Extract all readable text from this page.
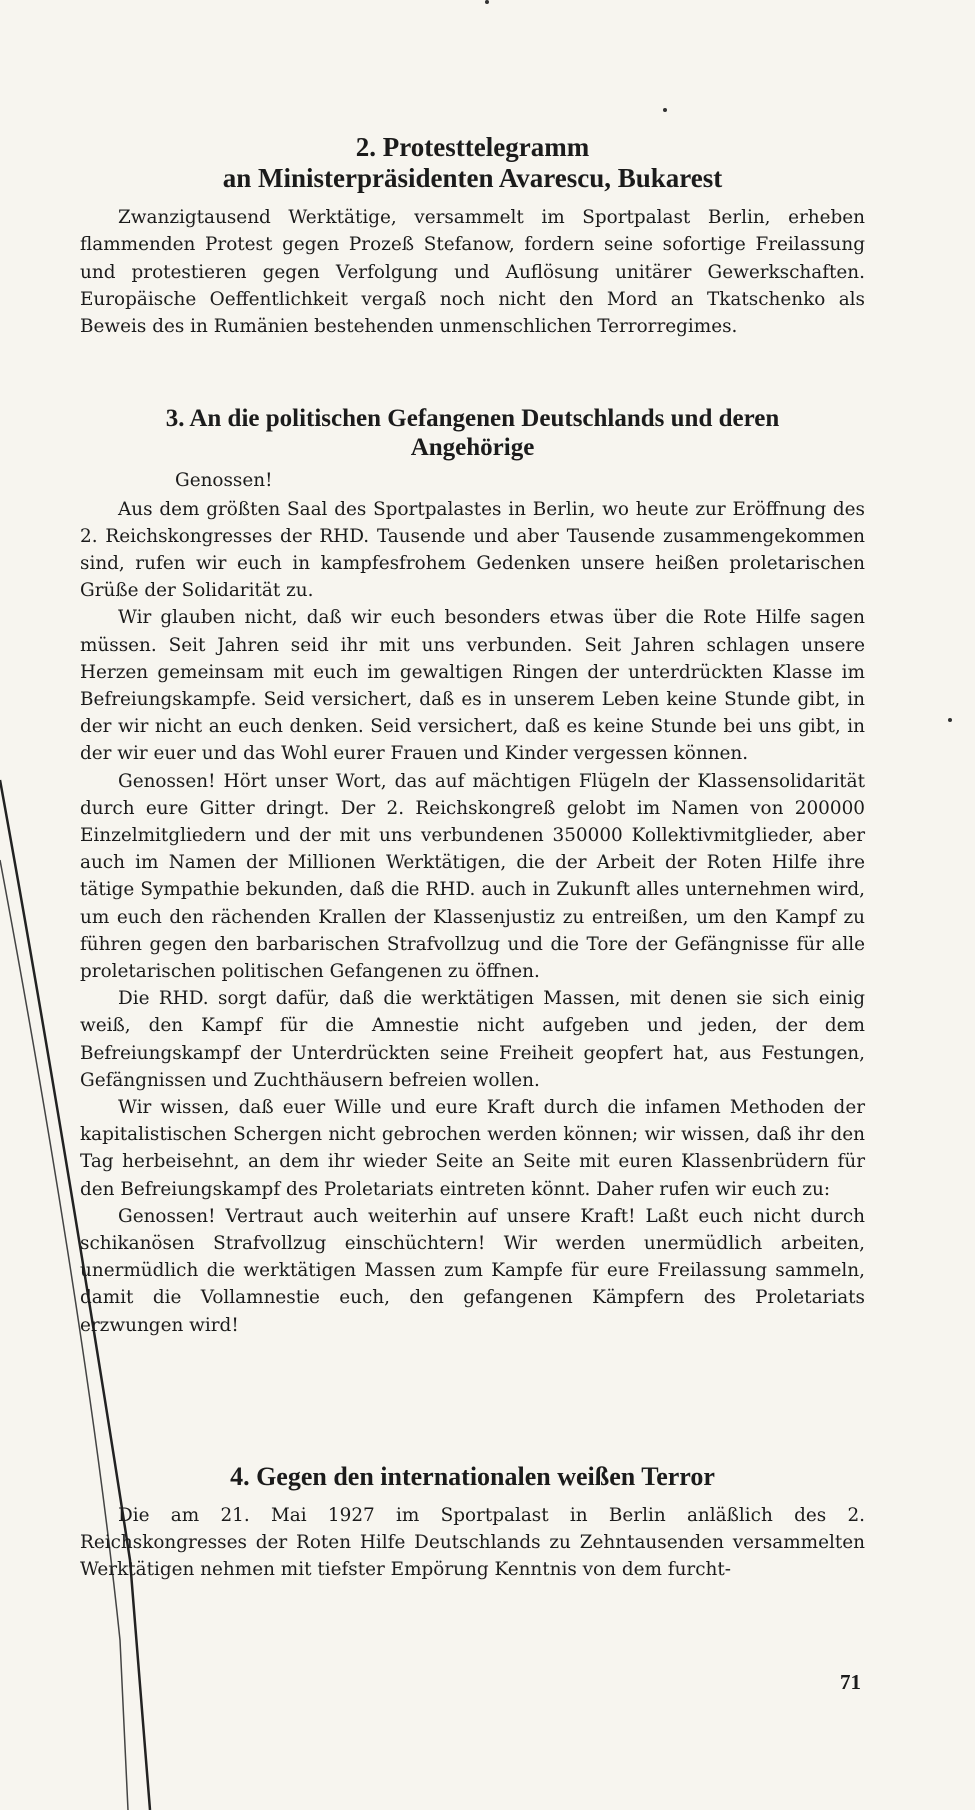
2. Protesttelegramm
an Ministerpräsidenten Avarescu, Bukarest

Zwanzigtausend Werktätige, versammelt im Sportpalast Berlin, erheben flammenden Protest gegen Prozeß Stefanow, fordern seine sofortige Freilassung und protestieren gegen Verfolgung und Auflösung unitärer Gewerkschaften. Europäische Oeffentlichkeit vergaß noch nicht den Mord an Tkatschenko als Beweis des in Rumänien bestehenden unmenschlichen Terrorregimes.

3. An die politischen Gefangenen Deutschlands und deren
Angehörige
Genossen!

Aus dem größten Saal des Sportpalastes in Berlin, wo heute zur Eröffnung des 2. Reichskongresses der RHD. Tausende und aber Tausende zusammengekommen sind, rufen wir euch in kampfesfrohem Gedenken unsere heißen proletarischen Grüße der Solidarität zu.

Wir glauben nicht, daß wir euch besonders etwas über die Rote Hilfe sagen müssen. Seit Jahren seid ihr mit uns verbunden. Seit Jahren schlagen unsere Herzen gemeinsam mit euch im gewaltigen Ringen der unterdrückten Klasse im Befreiungskampfe. Seid versichert, daß es in unserem Leben keine Stunde gibt, in der wir nicht an euch denken. Seid versichert, daß es keine Stunde bei uns gibt, in der wir euer und das Wohl eurer Frauen und Kinder vergessen können.

Genossen! Hört unser Wort, das auf mächtigen Flügeln der Klassensolidarität durch eure Gitter dringt. Der 2. Reichskongreß gelobt im Namen von 200000 Einzelmitgliedern und der mit uns verbundenen 350000 Kollektivmitglieder, aber auch im Namen der Millionen Werktätigen, die der Arbeit der Roten Hilfe ihre tätige Sympathie bekunden, daß die RHD. auch in Zukunft alles unternehmen wird, um euch den rächenden Krallen der Klassenjustiz zu entreißen, um den Kampf zu führen gegen den barbarischen Strafvollzug und die Tore der Gefängnisse für alle proletarischen politischen Gefangenen zu öffnen.

Die RHD. sorgt dafür, daß die werktätigen Massen, mit denen sie sich einig weiß, den Kampf für die Amnestie nicht aufgeben und jeden, der dem Befreiungskampf der Unterdrückten seine Freiheit geopfert hat, aus Festungen, Gefängnissen und Zuchthäusern befreien wollen.

Wir wissen, daß euer Wille und eure Kraft durch die infamen Methoden der kapitalistischen Schergen nicht gebrochen werden können; wir wissen, daß ihr den Tag herbeisehnt, an dem ihr wieder Seite an Seite mit euren Klassenbrüdern für den Befreiungskampf des Proletariats eintreten könnt. Daher rufen wir euch zu:

Genossen! Vertraut auch weiterhin auf unsere Kraft! Laßt euch nicht durch schikanösen Strafvollzug einschüchtern! Wir werden unermüdlich arbeiten, unermüdlich die werktätigen Massen zum Kampfe für eure Freilassung sammeln, damit die Vollamnestie euch, den gefangenen Kämpfern des Proletariats erzwungen wird!

4. Gegen den internationalen weißen Terror

Die am 21. Mai 1927 im Sportpalast in Berlin anläßlich des 2. Reichskongresses der Roten Hilfe Deutschlands zu Zehntausenden versammelten Werktätigen nehmen mit tiefster Empörung Kenntnis von dem furcht-

71
